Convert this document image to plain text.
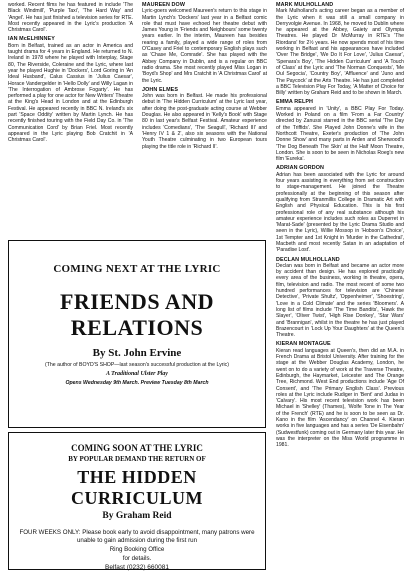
worked. Recent films he has featured in include 'The Black Windmill', 'Purple Taxi', 'The Hard Way' and 'Angel'. He has just finished a television series for RTE. Most recently appeared in the Lyric's production 'A Christmas Carol'.

IAN McELHINNEY

Born in Belfast, trained as an actor in America and taught drama for 4 years in England. He returned to N. Ireland in 1978 where he played with Interplay, Stage 80, The Riverside, Coleraine and the Lyric, where last year he played Hughie in 'Dockers', Lord Goring in 'An Ideal Husband', Calus Cassius in 'Julius Caesar', Horace Vandergelder in 'Hello Dolly' and Willy Lagan in 'The Interrogation of Ambrose Fogarty'. He has performed a play for one actor for New Writers' Theatre at the King's Head in London and at the Edinburgh Festival. He appeared recently in BBC N. Ireland's six part 'Space Oddity' written by Martin Lynch. He has recently finished touring with the Field Day Co. in 'The Communication Cord' by Brian Friel. Most recently appeared in the Lyric playing Bob Cratchit in 'A Christmas Carol'.

MAUREEN DOW

Lyric-goers welcomed Maureen's return to this stage in Martin Lynch's 'Dockers' last year in a Belfast comic role that must have echoed her theatre debut with James Young in 'Friends and Neighbours' some twenty years earlier. In the interim, Maureen has besides rearing a family, played a wide range of roles from O'Casey and Friel to contemporary English plays such as 'Chase Me, Comrade'. She has played with the Abbey Company in Dublin, and is a regular on BBC radio drama. She most recently played Miss Logan in 'Boyd's Shop' and Mrs Cratchit in 'A Christmas Carol' at the Lyric.

JOHN ELMES

John was born in Belfast. He made his professional debut in 'The Hidden Curriculum' at the Lyric last year, after doing the post-graduate acting course at Webber Douglas. He also appeared in 'Kelly's Book' with Stage 80 in last year's Belfast Festival. Amateur experience includes 'Comedians', 'The Seagull', 'Richard III' and 'Henry IV 1 & 2', also six seasons with the National Youth Theatre culminating in two European tours playing the title role in 'Richard II'.

MARK MULHOLLAND

Mark Mulholland's acting career began as a member of the Lyric when it was still a small company in Derryvolgie Avenue. In 1968, he moved to Dublin where he appeared at the Abbey, Gaiety and Olympia Theatres. He played Dr McMurray in RTE's 'The Riordans' for 2½ years. He now spends most of his time working in Belfast and his appearances have included 'Over The Bridge', 'We Do It For Love', 'Julius Caesar', 'Spenara's Boy', 'The Hidden Curriculum' and 'A Touch of Class' at the Lyric and 'The Norman Conquests', 'Me Oul Segocia', 'Country Boy', 'Affluence' and 'Juno and The Paycock' at the Arts Theatre. He has just completed a BBC Television Play For Today, 'A Matter of Choice for Billy' written by Graham Reid and to be shown in March.

EMMA RELPH

Emma appeared in 'Unity', a BBC Play For Today. Worked in Poland on a film 'From a Far Country' directed by Zanussi starred in the BBC serial 'The Day of the Triffids'. She Played John Donne's wife in the Northcott Theatre, Exeter's production of 'The John Donne Show' and many parts in Arden and Sherwood's 'The Dog Beneath The Skin' at the Half Moon Theatre, London. She is soon to be seen in Nicholas Roeg's new film 'Eureka'.

ADRIAN GORDON

Adrian has been associated with the Lyric for around four years assisting in everything from set construction to stage-management. He joined the Theatre professionally at the beginning of this season after qualifying from Stranmillis College in Dramatic Art with English and Physical Education. This is his first professional role of any real substance although his amateur experience includes such roles as Duperret in 'Marat-Sade' (presented by the Lyric Drama Studio and seen in the Lyric), Willie Mossop in 'Hobson's Choice', 1st Tempter and 1st Knight in 'Murder in the Cathedral', Macbeth and most recently Satan in an adaptation of 'Paradise Lost'.

DECLAN MULHOLLAND

Declan was born in Belfast and became an actor more by accident than design. He has explored practically every area of the business, working in theatre, opera, film, television and radio. The most recent of some two hundred performances for television are 'Chinese Detective', 'Private Shultz', 'Oppenheimer', 'Shoestring', 'Love in a Cold Climate' and the series 'Bloomers'. A long list of films include 'The Time Bandits', 'Hawk the Slayer', 'Oliver Twist', 'High Rise Donkey', 'Star Wars' and 'Brannigan', whilst in the theatre he has just played Brazencourt in 'Lock Up Your Daughters' at the Queen's Theatre.

KIERAN MONTAGUE

Kieran read languages at Queen's, then did an M.A. in French Drama at Bristol University. After training for the stage at the Webber Douglas Academy, London, he went on to do a variety of work at the Traverse Theatre, Edinburgh, the Haymarket, Leicester and The Orange Tree, Richmond. West End productions include 'Age Of Consent', and 'The Primary English Class'. Previous roles at the Lyric include Rudiger in 'Bent' and Judas in 'Calvary'. His most recent television work has been Michael in 'Shelley' (Thames), 'Wolfe Tone in The Year of the French' (RTE) and he is soon to be seen as Dr. Kano in the film 'Ascendancy' on Channel 4. Kieran works in five languages and has a series 'De Eisenbahn' (Sudwestfunk) coming out in Germany later this year. He was the interpreter on the Miss World programme in 1981.

COMING NEXT AT THE LYRIC
FRIENDS AND RELATIONS
By St. John Ervine
(The author of BOYD'S SHOP—last season's successful production at the Lyric)
A Traditional Ulster Play
Opens Wednesday 9th March. Preview Tuesday 8th March
COMING SOON AT THE LYRIC
BY POPULAR DEMAND THE RETURN OF
THE HIDDEN CURRICULUM
By Graham Reid
FOUR WEEKS ONLY: Please book early to avoid disappointment, many patrons were unable to gain admission during the first run
Ring Booking Office
for details.
Belfast (0232) 660081
